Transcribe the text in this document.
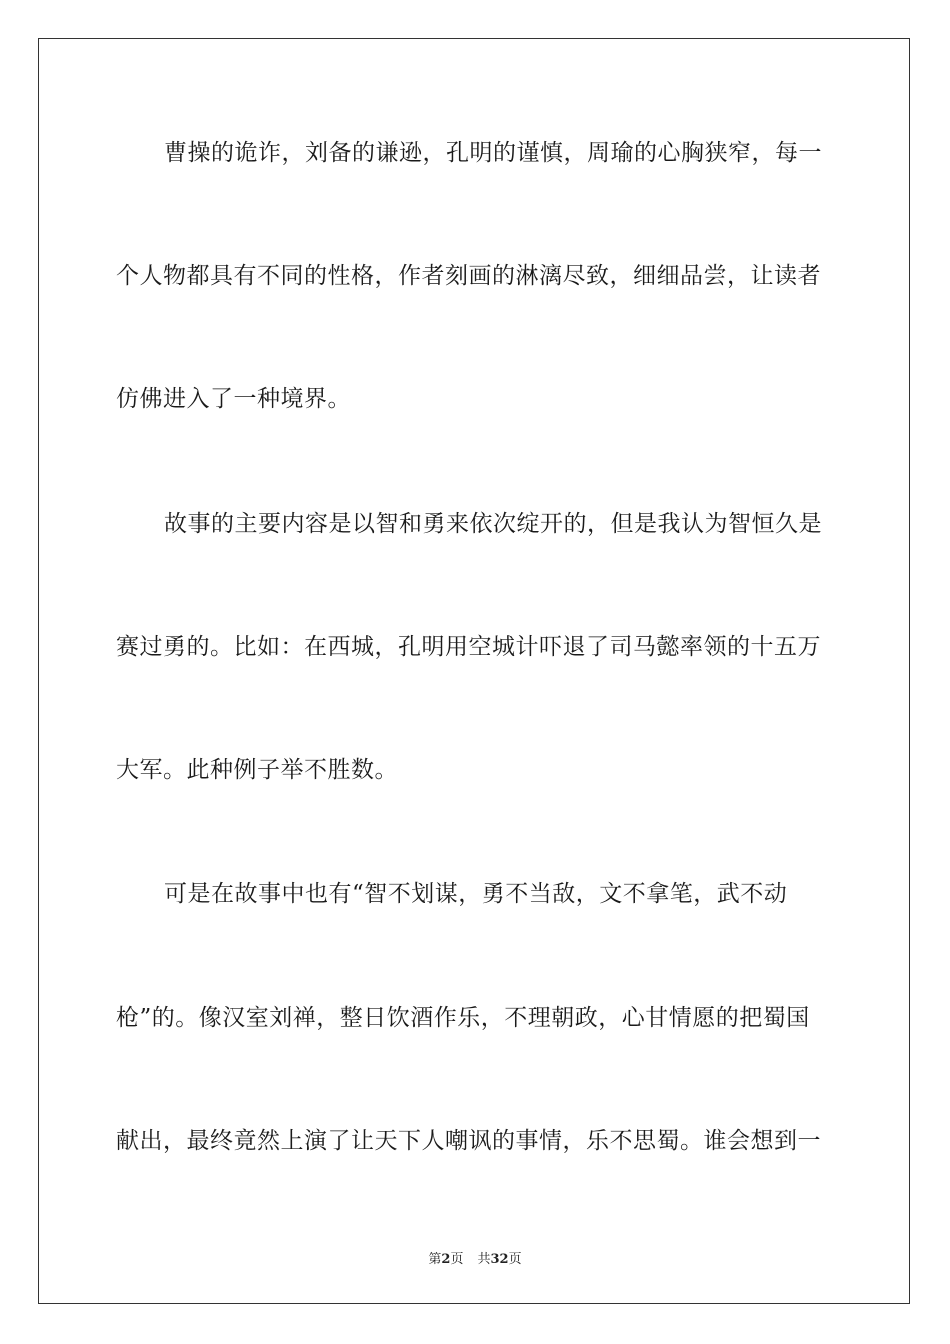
曹操的诡诈，刘备的谦逊，孔明的谨慎，周瑜的心胸狭窄，每一
个人物都具有不同的性格，作者刻画的淋漓尽致，细细品尝，让读者
仿佛进入了一种境界。
故事的主要内容是以智和勇来依次绽开的，但是我认为智恒久是
赛过勇的。比如：在西城，孔明用空城计吓退了司马懿率领的十五万
大军。此种例子举不胜数。
可是在故事中也有“智不划谋，勇不当敌，文不拿笔，武不动
枪”的。像汉室刘禅，整日饮酒作乐，不理朝政，心甘情愿的把蜀国
献出，最终竟然上演了让天下人嘲讽的事情，乐不思蜀。谁会想到一
第2页 共32页
